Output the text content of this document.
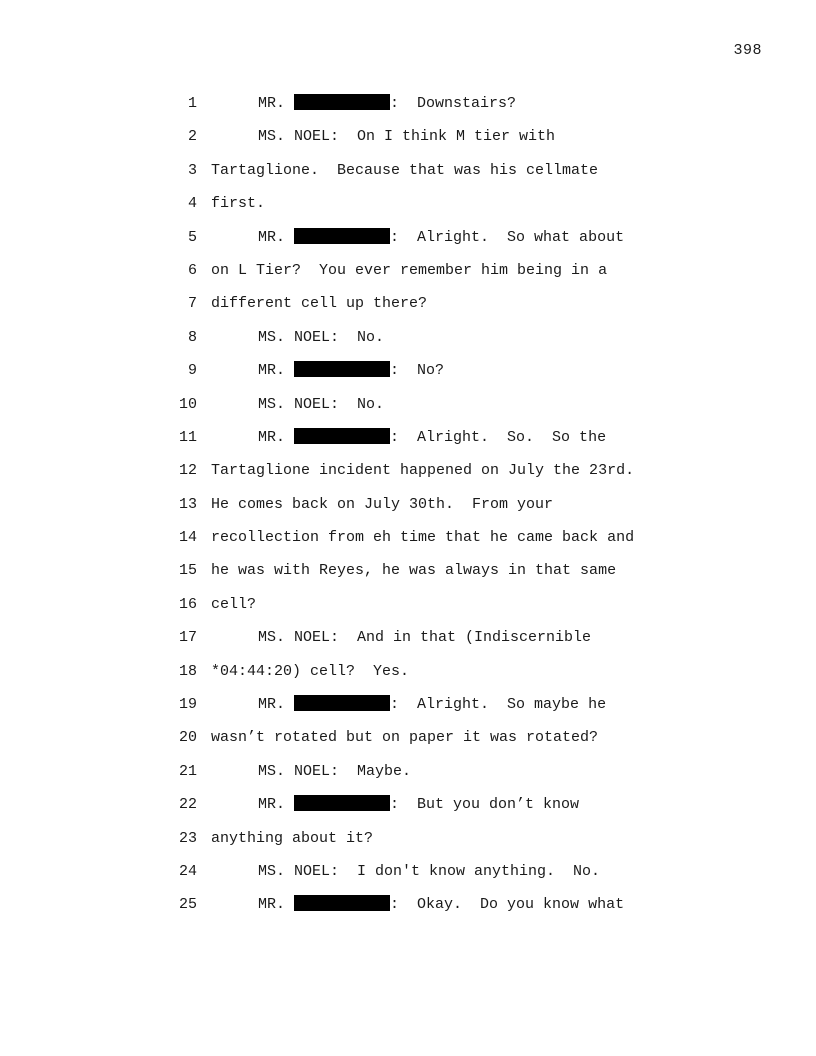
398
1	MR.	:  Downstairs?
2	MS. NOEL:  On I think M tier with
3 Tartaglione.  Because that was his cellmate
4 first.
5	MR.	:  Alright.  So what about
6 on L Tier?  You ever remember him being in a
7 different cell up there?
8	MS. NOEL:  No.
9	MR.	:  No?
10	MS. NOEL:  No.
11	MR.	:  Alright.  So.  So the
12 Tartaglione incident happened on July the 23rd.
13 He comes back on July 30th.  From your
14 recollection from eh time that he came back and
15 he was with Reyes, he was always in that same
16 cell?
17	MS. NOEL:  And in that (Indiscernible
18 *04:44:20) cell?  Yes.
19	MR.	:  Alright.  So maybe he
20 wasn’t rotated but on paper it was rotated?
21	MS. NOEL:  Maybe.
22	MR.	:  But you don’t know
23 anything about it?
24	MS. NOEL:  I don't know anything.  No.
25	MR.	:  Okay.  Do you know what
